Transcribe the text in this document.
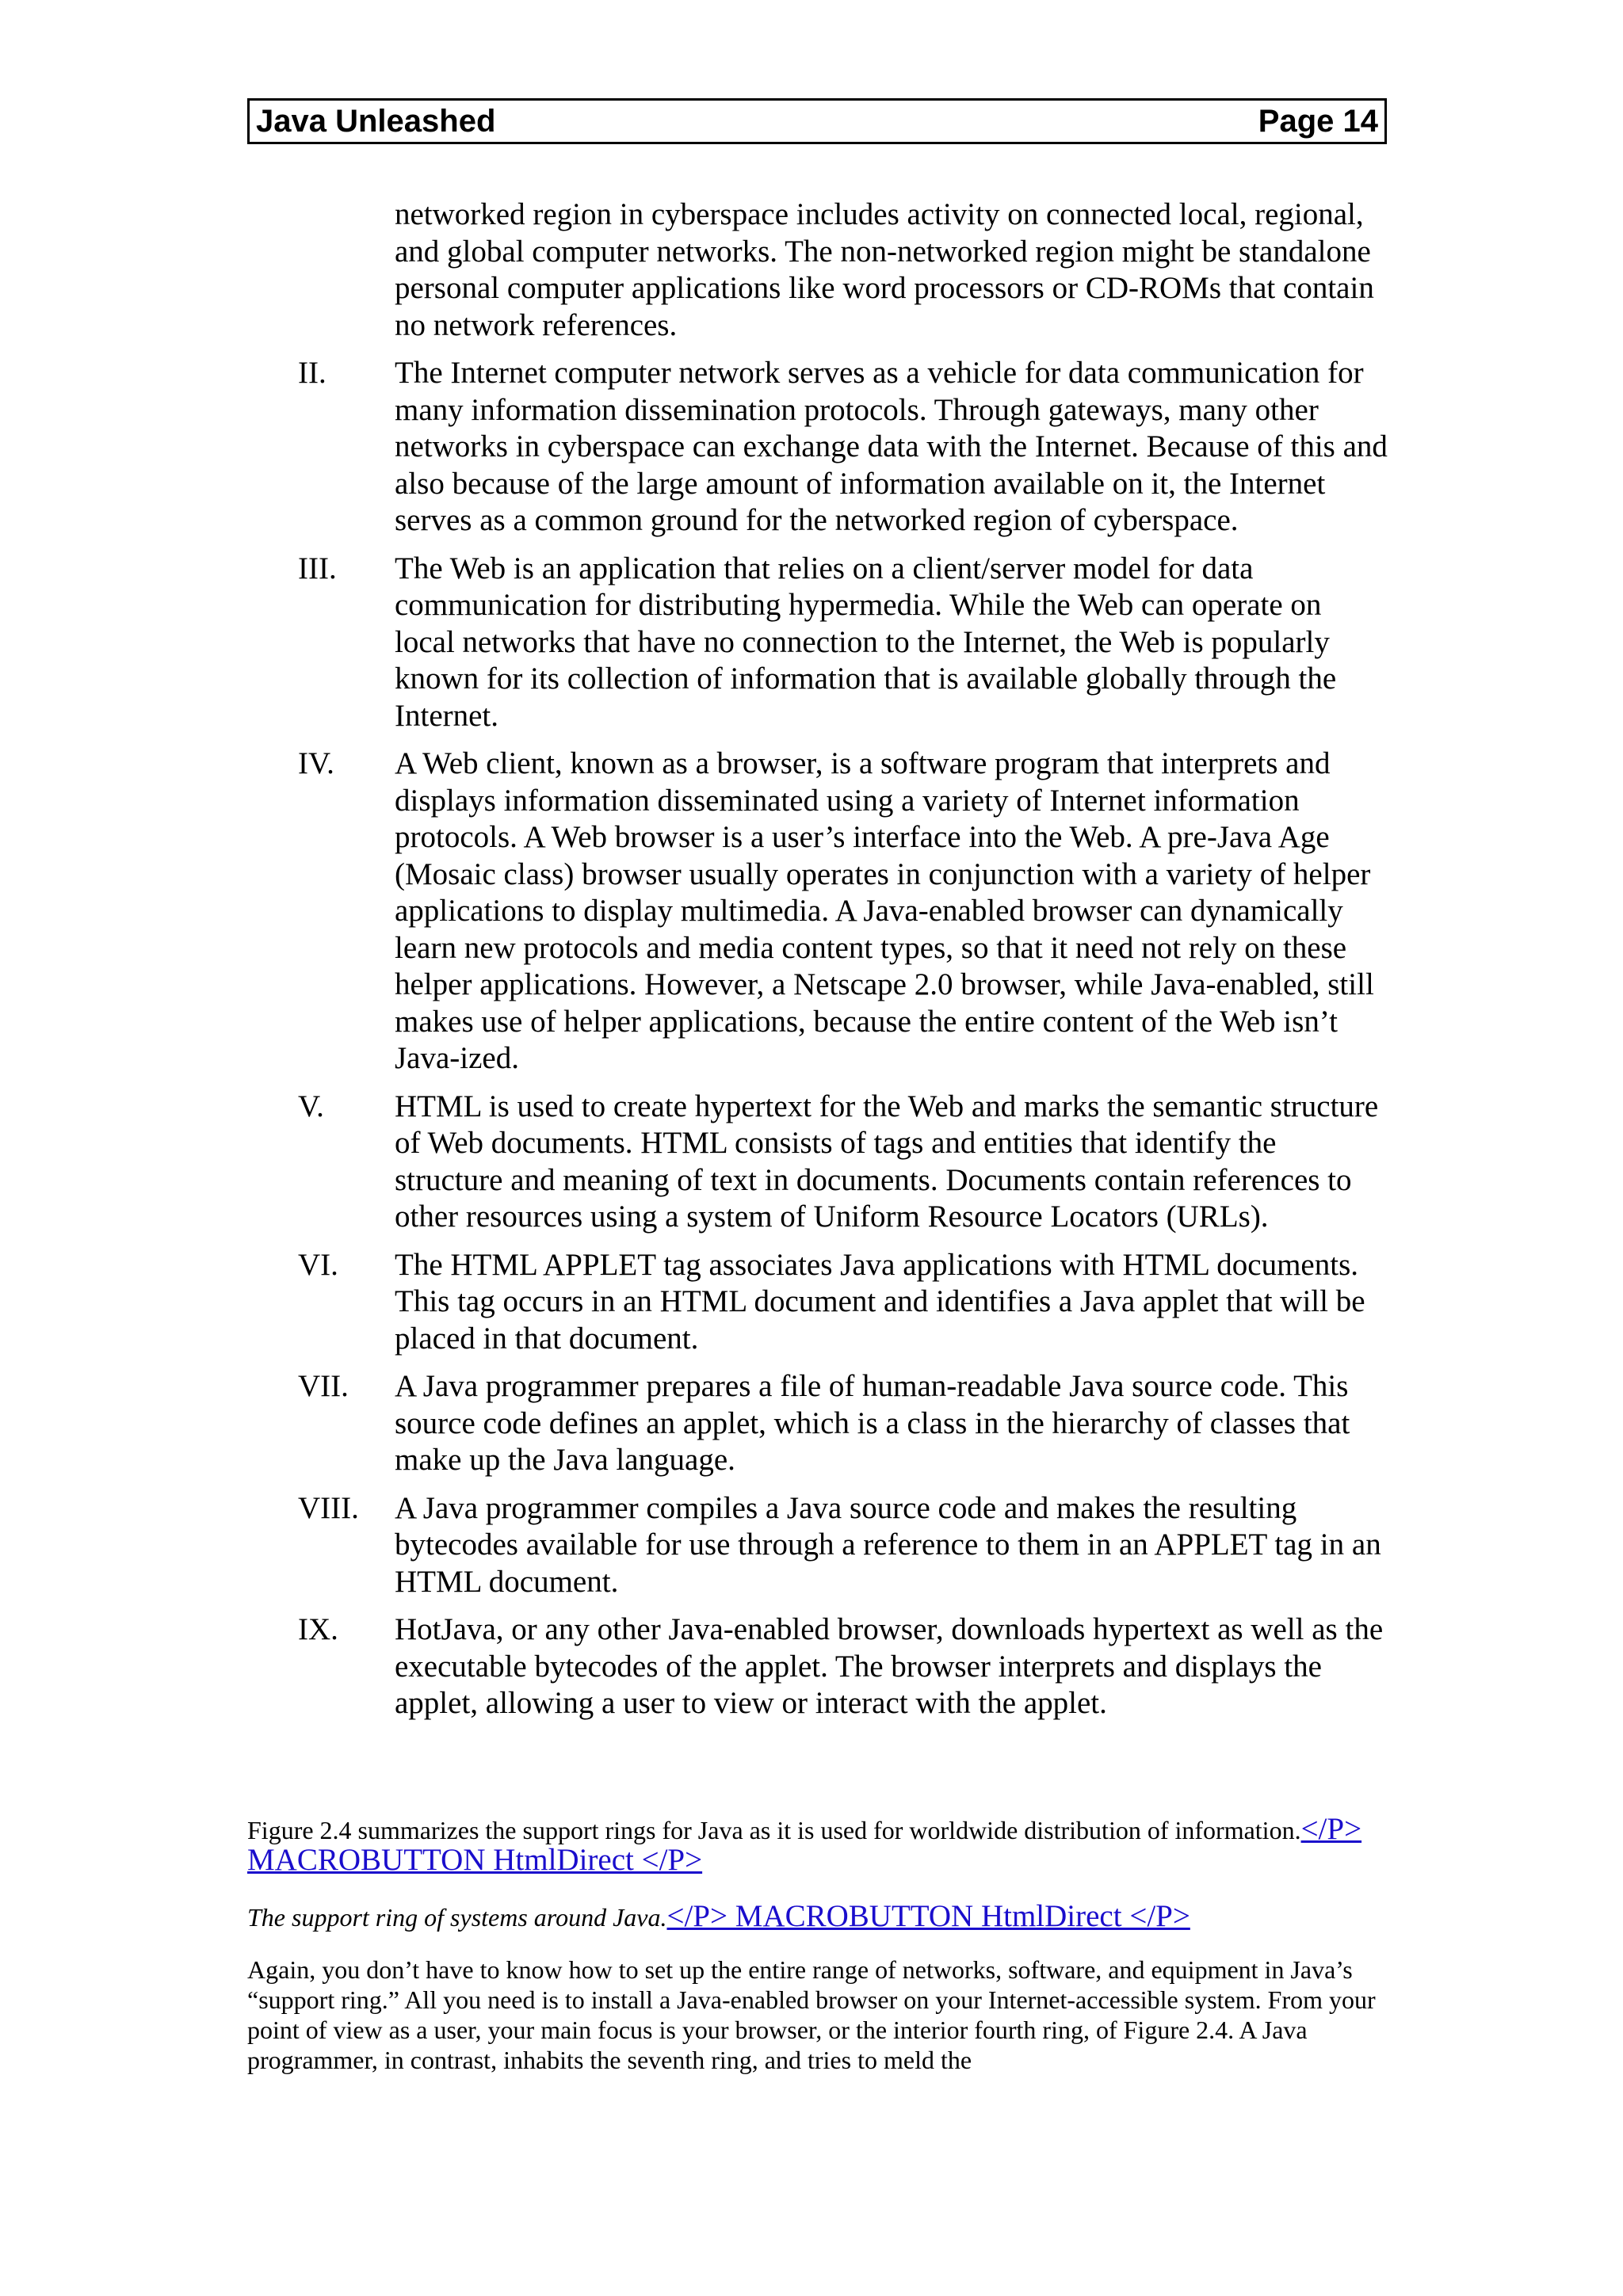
Java Unleashed	Page 14
networked region in cyberspace includes activity on connected local, regional, and global computer networks. The non-networked region might be standalone personal computer applications like word processors or CD-ROMs that contain no network references.
II.	The Internet computer network serves as a vehicle for data communication for many information dissemination protocols. Through gateways, many other networks in cyberspace can exchange data with the Internet. Because of this and also because of the large amount of information available on it, the Internet serves as a common ground for the networked region of cyberspace.
III.	The Web is an application that relies on a client/server model for data communication for distributing hypermedia. While the Web can operate on local networks that have no connection to the Internet, the Web is popularly known for its collection of information that is available globally through the Internet.
IV.	A Web client, known as a browser, is a software program that interprets and displays information disseminated using a variety of Internet information protocols. A Web browser is a user’s interface into the Web. A pre-Java Age (Mosaic class) browser usually operates in conjunction with a variety of helper applications to display multimedia. A Java-enabled browser can dynamically learn new protocols and media content types, so that it need not rely on these helper applications. However, a Netscape 2.0 browser, while Java-enabled, still makes use of helper applications, because the entire content of the Web isn’t Java-ized.
V.	HTML is used to create hypertext for the Web and marks the semantic structure of Web documents. HTML consists of tags and entities that identify the structure and meaning of text in documents. Documents contain references to other resources using a system of Uniform Resource Locators (URLs).
VI.	The HTML APPLET tag associates Java applications with HTML documents. This tag occurs in an HTML document and identifies a Java applet that will be placed in that document.
VII. A Java programmer prepares a file of human-readable Java source code. This source code defines an applet, which is a class in the hierarchy of classes that make up the Java language.
VIII. A Java programmer compiles a Java source code and makes the resulting bytecodes available for use through a reference to them in an APPLET tag in an HTML document.
IX.	HotJava, or any other Java-enabled browser, downloads hypertext as well as the executable bytecodes of the applet. The browser interprets and displays the applet, allowing a user to view or interact with the applet.
Figure 2.4 summarizes the support rings for Java as it is used for worldwide distribution of information.</P> MACROBUTTON HtmlDirect </P>
The support ring of systems around Java.</P> MACROBUTTON HtmlDirect </P>
Again, you don’t have to know how to set up the entire range of networks, software, and equipment in Java’s “support ring.” All you need is to install a Java-enabled browser on your Internet-accessible system. From your point of view as a user, your main focus is your browser, or the interior fourth ring, of Figure 2.4. A Java programmer, in contrast, inhabits the seventh ring, and tries to meld the
